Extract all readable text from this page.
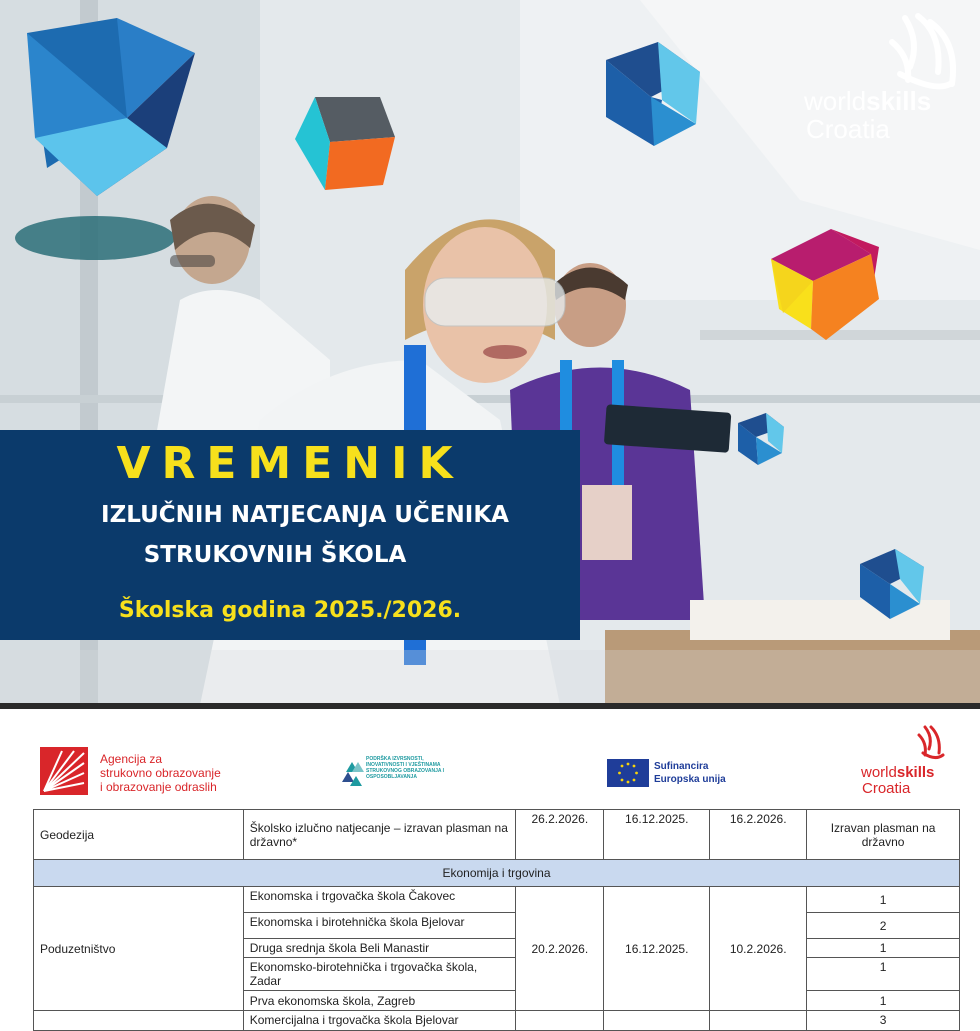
worldskills
Croatia
VREMENIK
IZLUČNIH NATJECANJA UČENIKA
STRUKOVNIH ŠKOLA
Školska godina 2025./2026.
Agencija za
strukovno obrazovanje
i obrazovanje odraslih
PODRŠKA IZVRSNOSTI, INOVATIVNOSTI I VJEŠTINAMA STRUKOVNOG OBRAZOVANJA I OSPOSOBLJAVANJA
Sufinancira
Europska unija	worldskills
Croatia
Geodezija	Školsko izlučno natjecanje – izravan plasman na državno*	26.2.2026.	16.12.2025.	16.2.2026.	Izravan plasman na državno
Ekonomija i trgovina					
Poduzetništvo	Ekonomska i trgovačka škola Čakovec	20.2.2026.	16.12.2025.	10.2.2026.	1
	Ekonomska i birotehnička škola Bjelovar				2
	Druga srednja škola Beli Manastir				1
	Ekonomsko-birotehnička i trgovačka škola, Zadar				1
	Prva ekonomska škola, Zagreb				1
	Komercijalna i trgovačka škola Bjelovar				3
